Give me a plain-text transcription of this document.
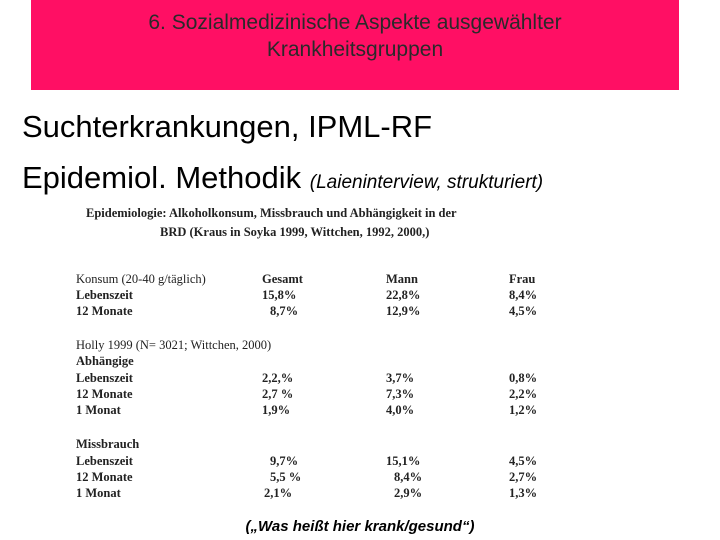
6. Sozialmedizinische Aspekte ausgewählter
Krankheitsgruppen
Suchterkrankungen, IPML-RF
Epidemiol. Methodik (Laieninterview, strukturiert)
Epidemiologie: Alkoholkonsum, Missbrauch und Abhängigkeit in der
BRD (Kraus in Soyka 1999, Wittchen, 1992, 2000,)
Konsum (20-40 g/täglich)	Gesamt	Mann	Frau
Lebenszeit	15,8%	22,8%	8,4%
12 Monate	8,7%	12,9%	4,5%
Holly 1999 (N= 3021; Wittchen, 2000)
Abhängige
Lebenszeit	2,2,%	3,7%	0,8%
12 Monate	2,7 %	7,3%	2,2%
1 Monat	1,9%	4,0%	1,2%
Missbrauch
Lebenszeit	9,7%	15,1%	4,5%
12 Monate	5,5 %	8,4%	2,7%
1 Monat	2,1%	2,9%	1,3%
(„Was heißt hier krank/gesund“)
